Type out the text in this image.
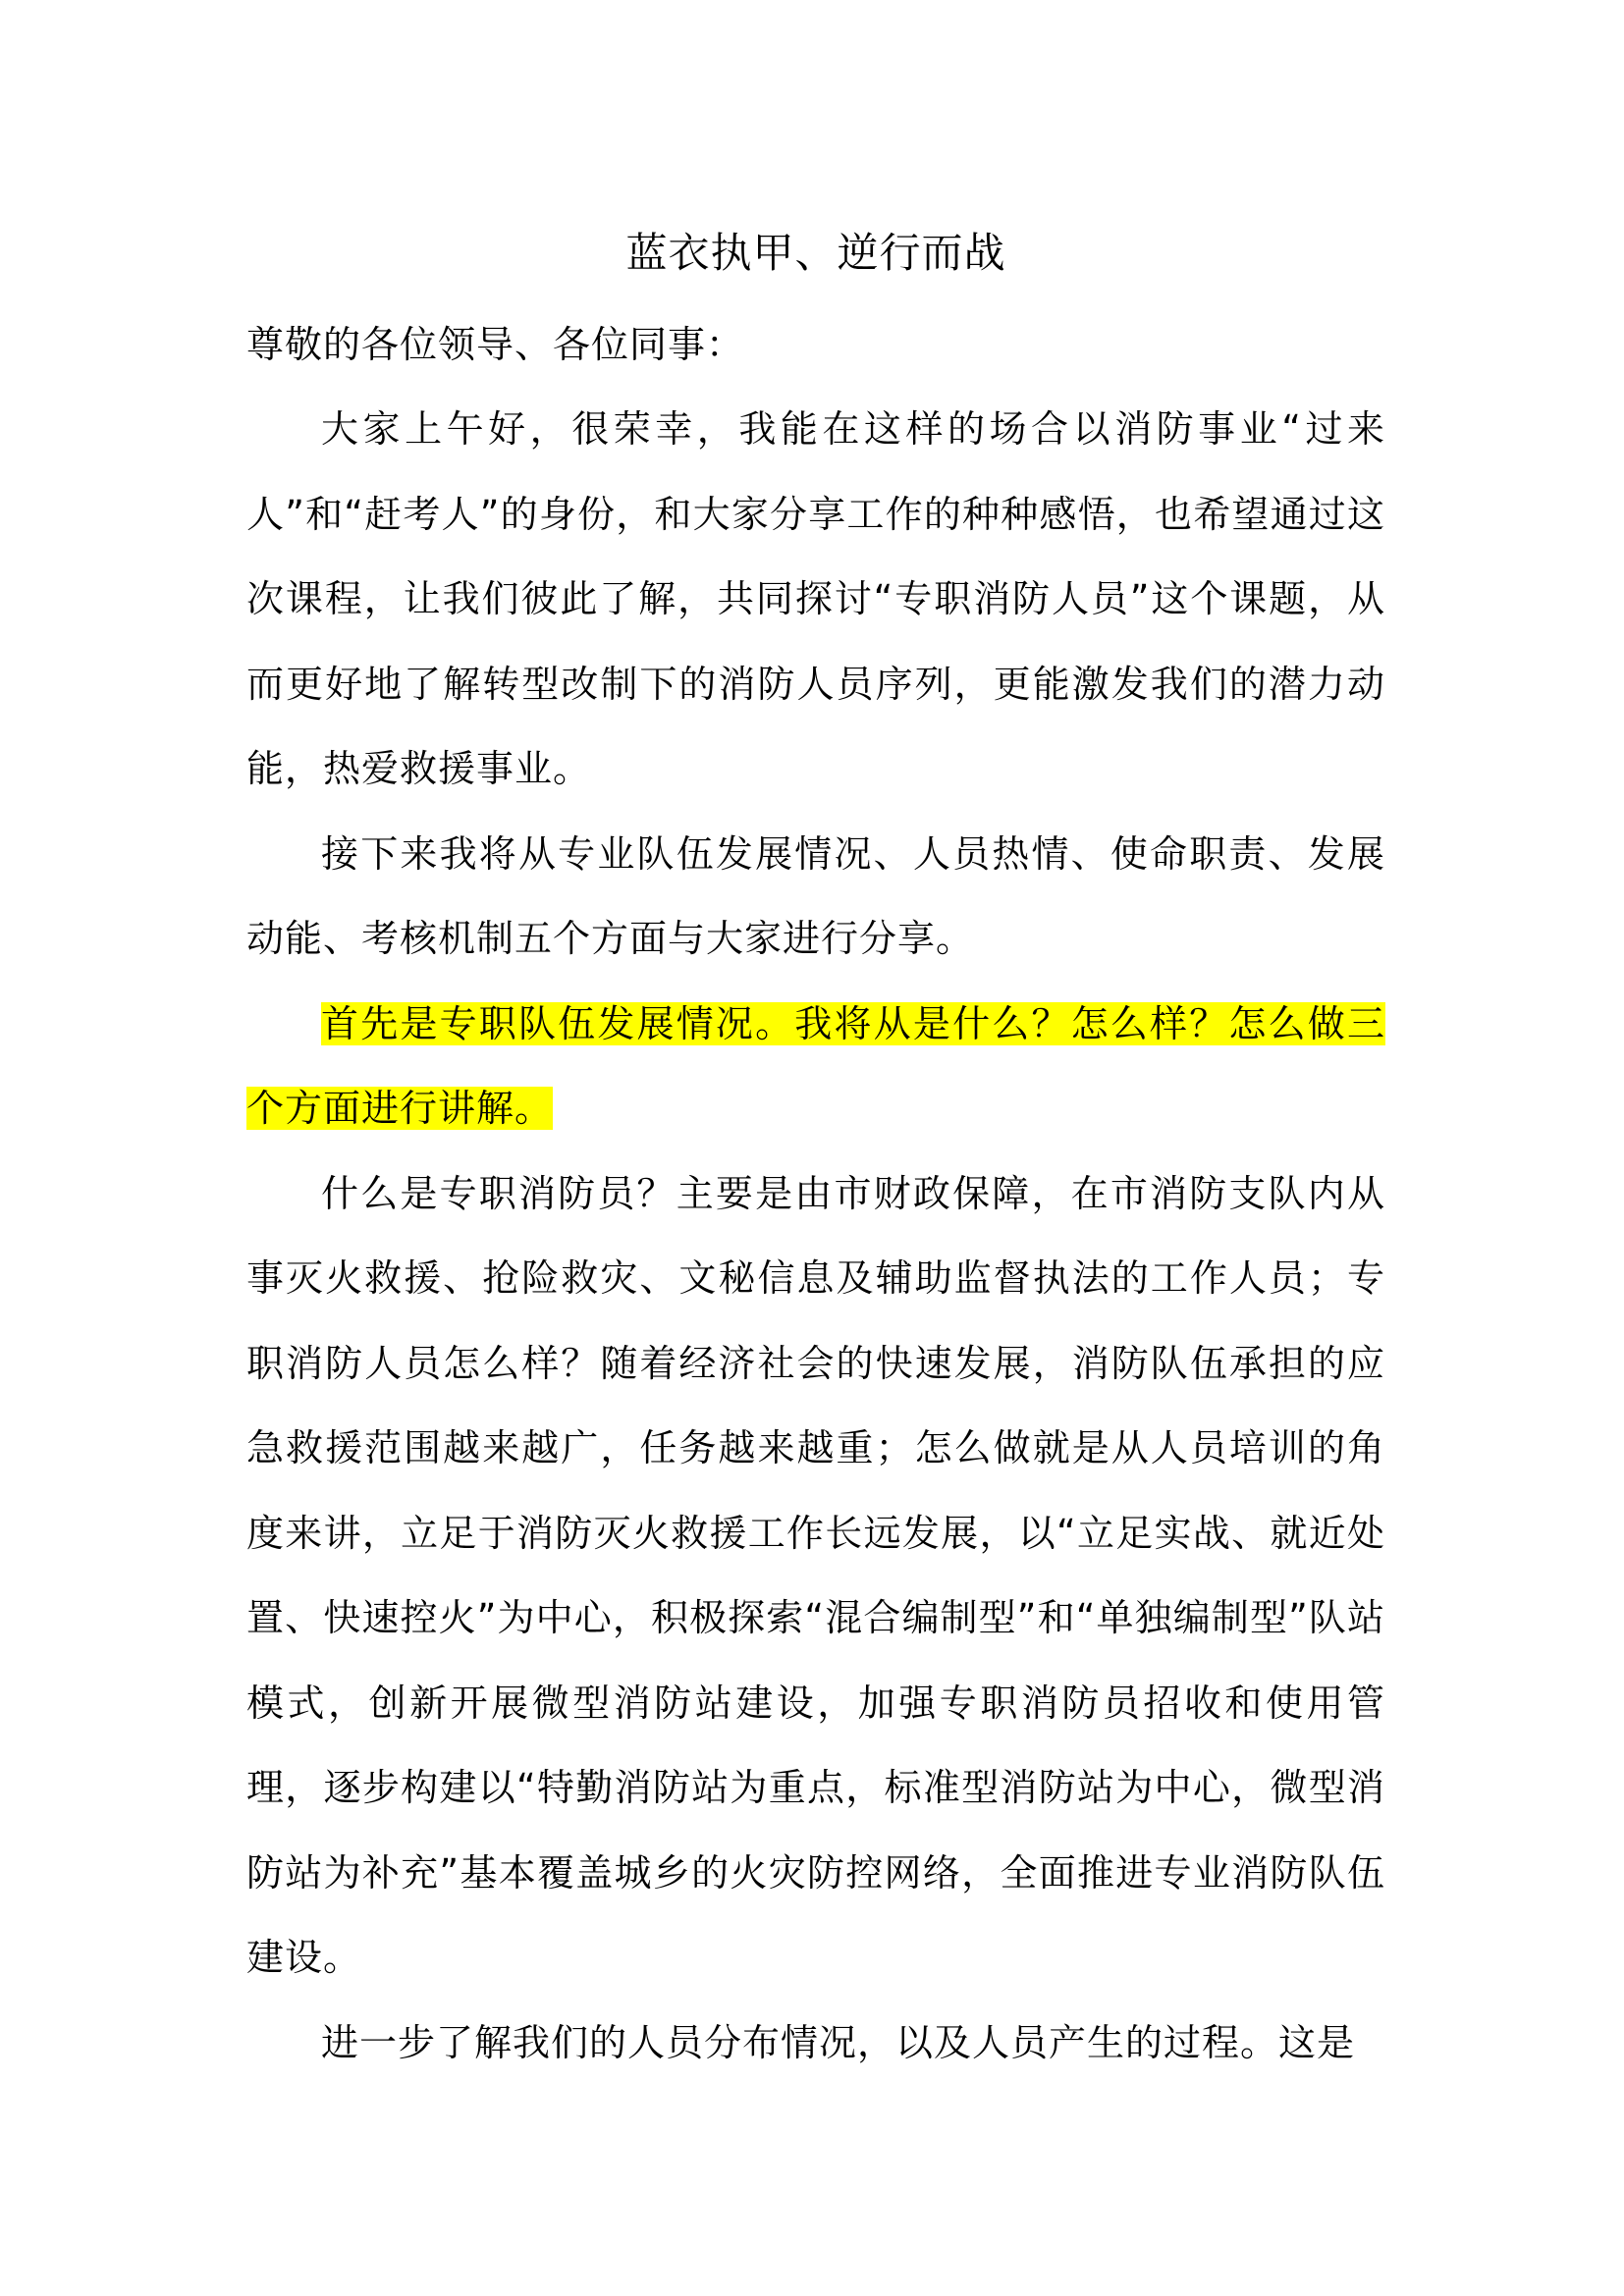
蓝衣执甲、逆行而战

尊敬的各位领导、各位同事：

大家上午好，很荣幸，我能在这样的场合以消防事业“过来人”和“赶考人”的身份，和大家分享工作的种种感悟，也希望通过这次课程，让我们彼此了解，共同探讨“专职消防人员”这个课题，从而更好地了解转型改制下的消防人员序列，更能激发我们的潜力动能，热爱救援事业。

接下来我将从专业队伍发展情况、人员热情、使命职责、发展动能、考核机制五个方面与大家进行分享。

首先是专职队伍发展情况。我将从是什么？怎么样？怎么做三个方面进行讲解。

什么是专职消防员？主要是由市财政保障，在市消防支队内从事灭火救援、抢险救灾、文秘信息及辅助监督执法的工作人员；专职消防人员怎么样？随着经济社会的快速发展，消防队伍承担的应急救援范围越来越广，任务越来越重；怎么做就是从人员培训的角度来讲，立足于消防灭火救援工作长远发展，以“立足实战、就近处置、快速控火”为中心，积极探索“混合编制型”和“单独编制型”队站模式，创新开展微型消防站建设，加强专职消防员招收和使用管理，逐步构建以“特勤消防站为重点，标准型消防站为中心，微型消防站为补充”基本覆盖城乡的火灾防控网络，全面推进专业消防队伍建设。

进一步了解我们的人员分布情况，以及人员产生的过程。这是
